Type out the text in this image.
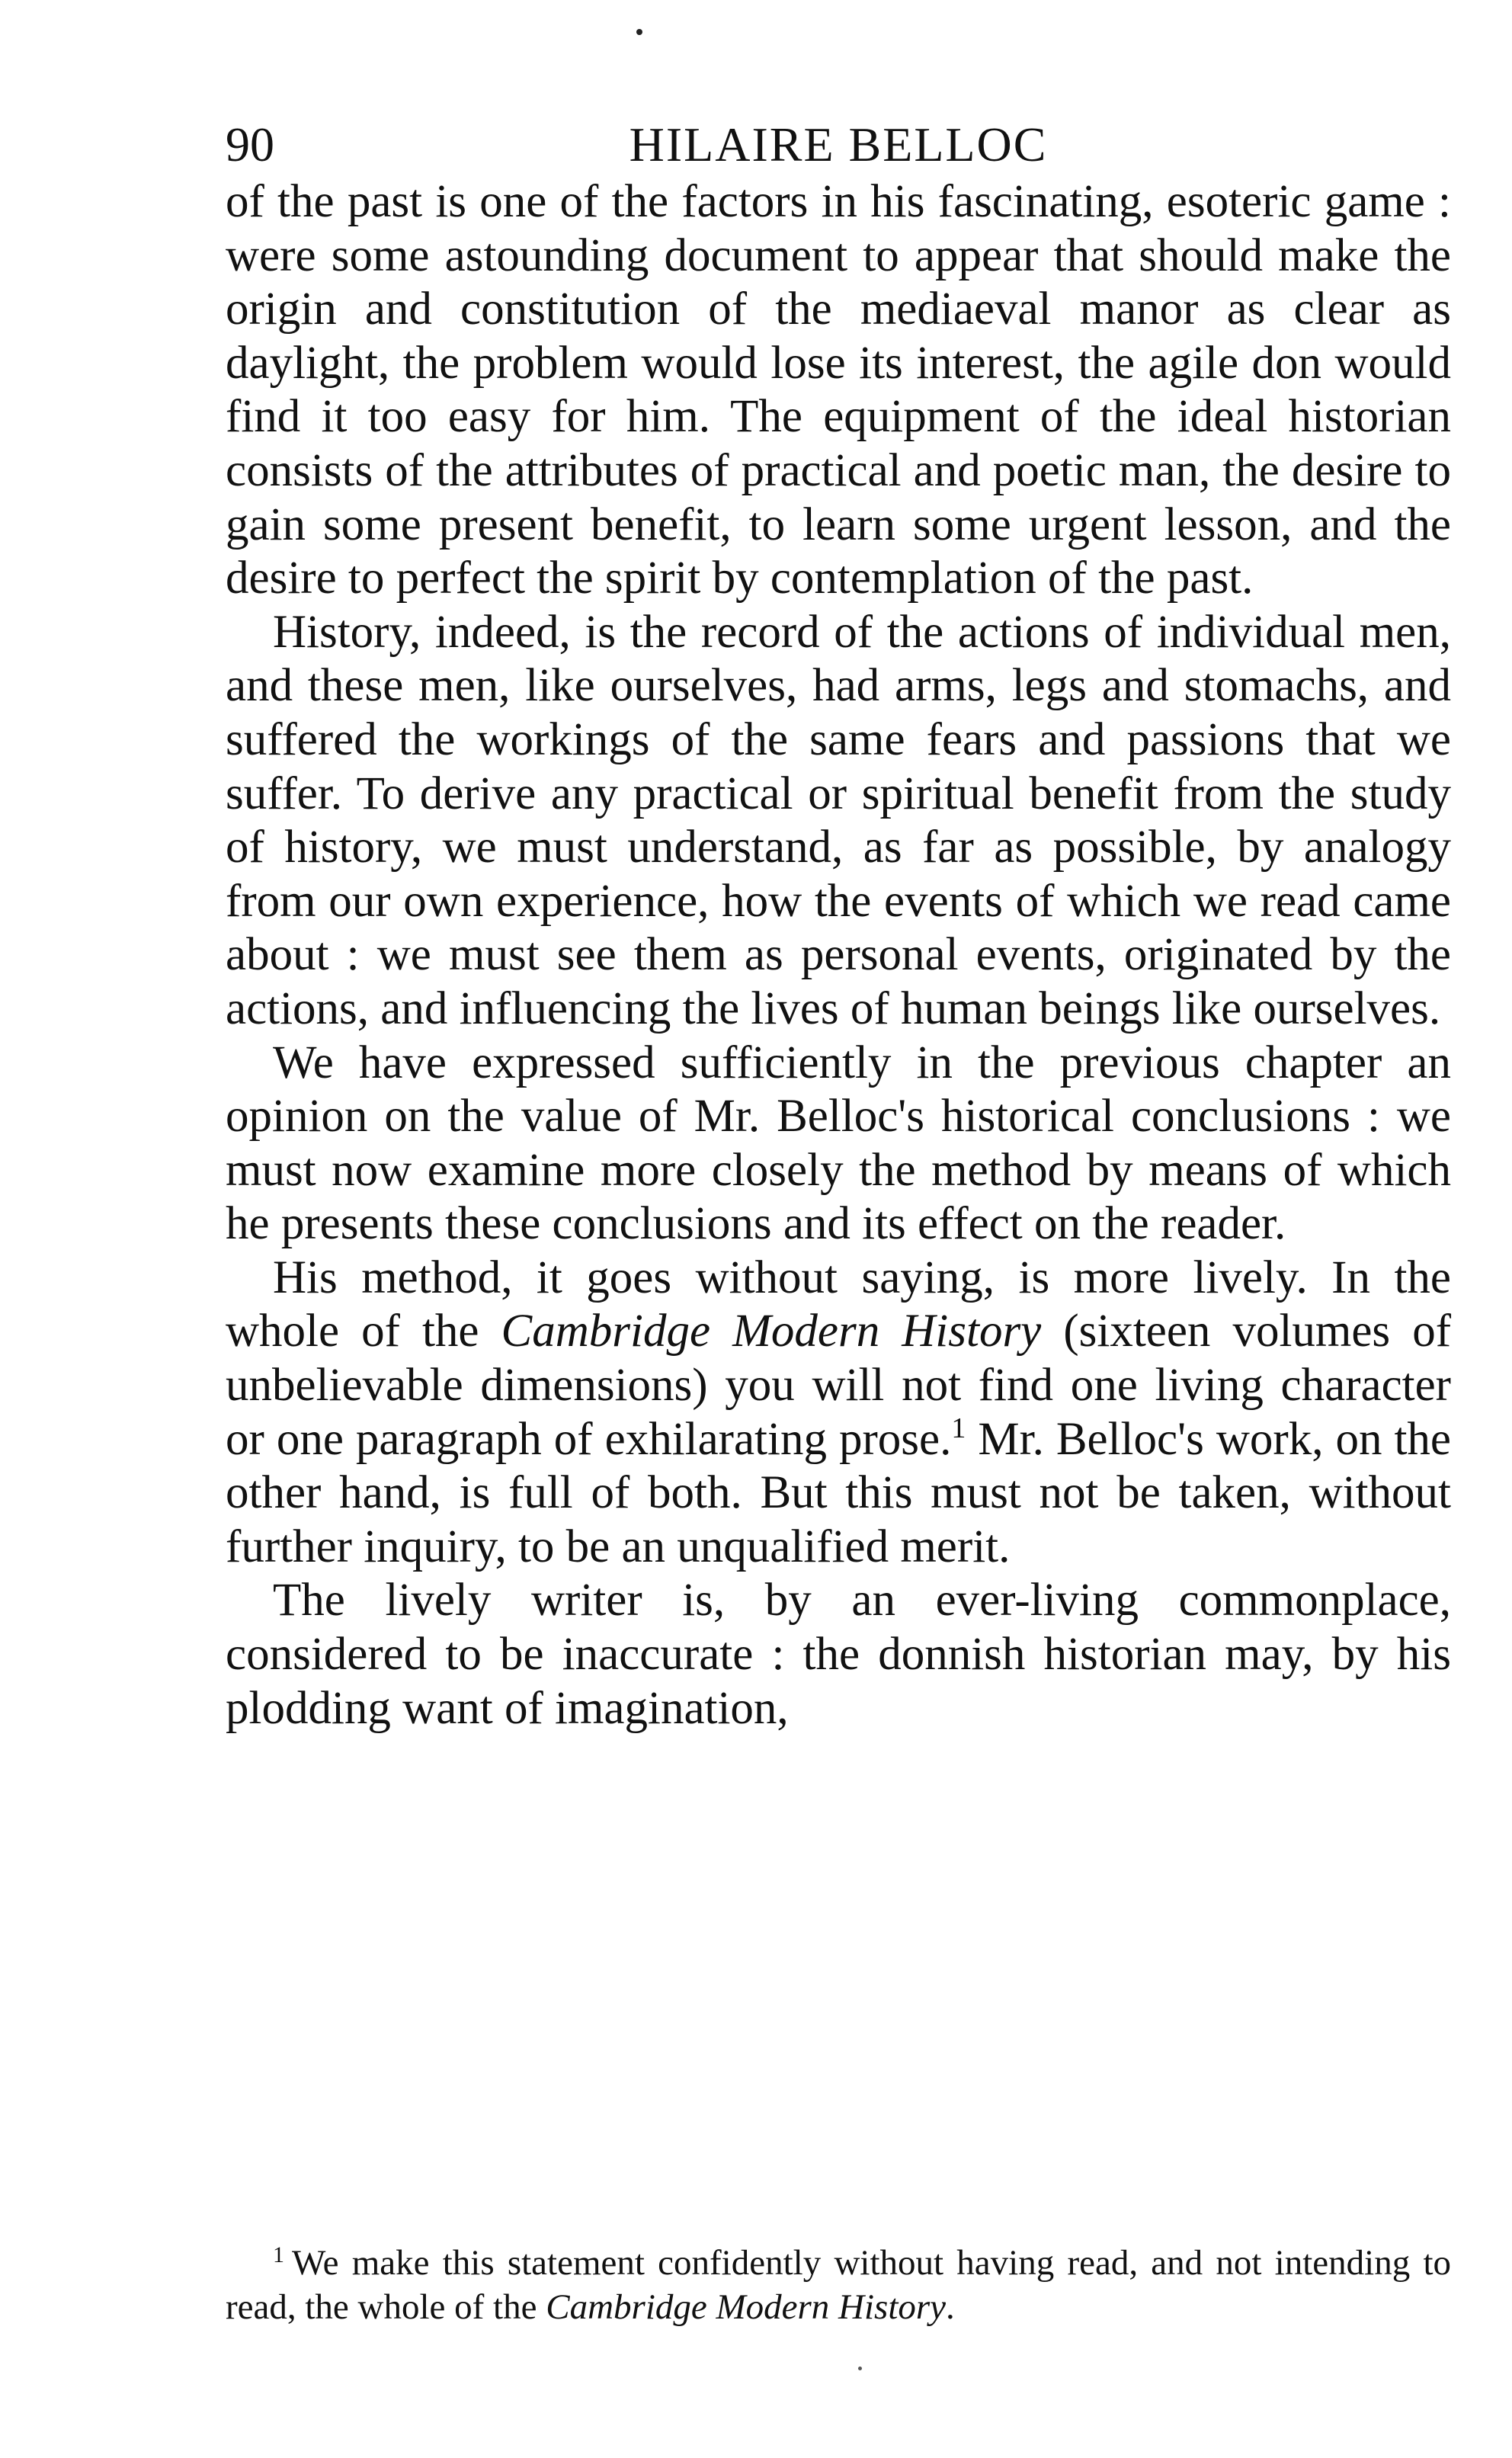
90	HILAIRE BELLOC

of the past is one of the factors in his fascinating, esoteric game : were some astounding document to appear that should make the origin and constitution of the mediaeval manor as clear as daylight, the problem would lose its interest, the agile don would find it too easy for him. The equipment of the ideal historian consists of the attributes of practical and poetic man, the desire to gain some present benefit, to learn some urgent lesson, and the desire to perfect the spirit by contemplation of the past.

History, indeed, is the record of the actions of individual men, and these men, like ourselves, had arms, legs and stomachs, and suffered the workings of the same fears and passions that we suffer. To derive any practical or spiritual benefit from the study of history, we must understand, as far as possible, by analogy from our own experience, how the events of which we read came about : we must see them as personal events, originated by the actions, and influencing the lives of human beings like ourselves.

We have expressed sufficiently in the previous chapter an opinion on the value of Mr. Belloc's historical conclusions : we must now examine more closely the method by means of which he presents these conclusions and its effect on the reader.

His method, it goes without saying, is more lively. In the whole of the Cambridge Modern History (sixteen volumes of unbelievable dimensions) you will not find one living character or one paragraph of exhilarating prose.$^1$ Mr. Belloc's work, on the other hand, is full of both. But this must not be taken, without further inquiry, to be an unqualified merit.

The lively writer is, by an ever-living commonplace, considered to be inaccurate : the donnish historian may, by his plodding want of imagination,

$^1$ We make this statement confidently without having read, and not intending to read, the whole of the Cambridge Modern History.
